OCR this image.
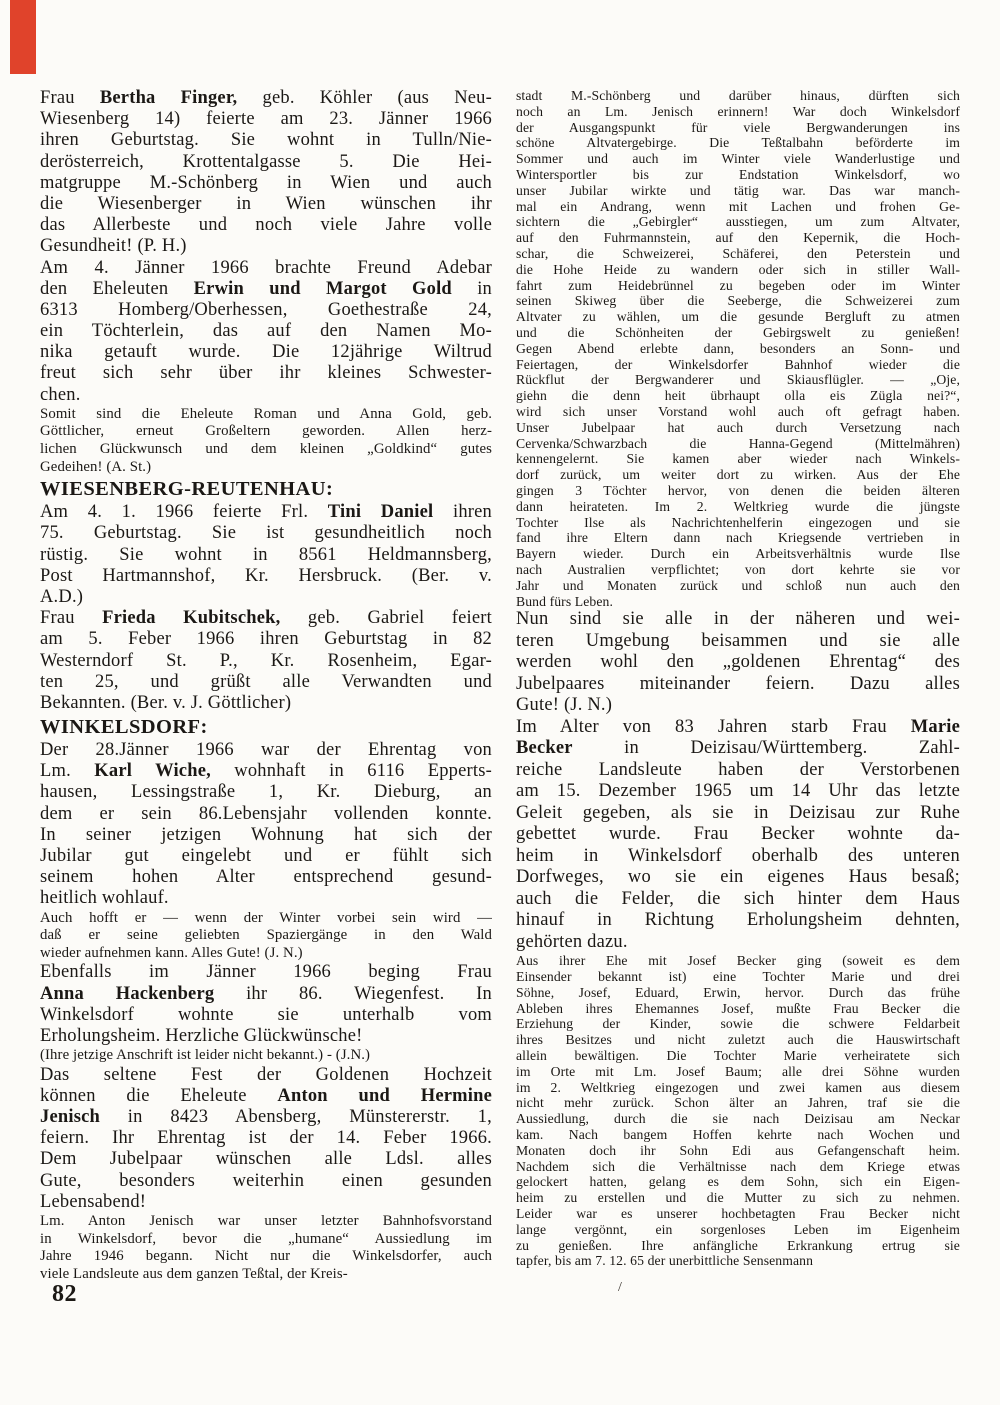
Frau Bertha Finger, geb. Köhler (aus Neu-
Wiesenberg 14) feierte am 23. Jänner 1966
ihren Geburtstag. Sie wohnt in Tulln/Nie-
derösterreich, Krottentalgasse 5. Die Hei-
matgruppe M.-Schönberg in Wien und auch
die Wiesenberger in Wien wünschen ihr
das Allerbeste und noch viele Jahre volle
Gesundheit! (P. H.)
Am 4. Jänner 1966 brachte Freund Adebar
den Eheleuten Erwin und Margot Gold in
6313 Homberg/Oberhessen, Goethestraße 24,
ein Töchterlein, das auf den Namen Mo-
nika getauft wurde. Die 12jährige Wiltrud
freut sich sehr über ihr kleines Schwester-
chen.
Somit sind die Eheleute Roman und Anna Gold, geb.
Göttlicher, erneut Großeltern geworden. Allen herz-
lichen Glückwunsch und dem kleinen „Goldkind“ gutes
Gedeihen! (A. St.)
WIESENBERG-REUTENHAU:
Am 4. 1. 1966 feierte Frl. Tini Daniel ihren
75. Geburtstag. Sie ist gesundheitlich noch
rüstig. Sie wohnt in 8561 Heldmannsberg,
Post Hartmannshof, Kr. Hersbruck. (Ber. v.
A.D.)
Frau Frieda Kubitschek, geb. Gabriel feiert
am 5. Feber 1966 ihren Geburtstag in 82
Westerndorf St. P., Kr. Rosenheim, Egar-
ten 25, und grüßt alle Verwandten und
Bekannten. (Ber. v. J. Göttlicher)
WINKELSDORF:
Der 28.Jänner 1966 war der Ehrentag von
Lm. Karl Wiche, wohnhaft in 6116 Epperts-
hausen, Lessingstraße 1, Kr. Dieburg, an
dem er sein 86.Lebensjahr vollenden konnte.
In seiner jetzigen Wohnung hat sich der
Jubilar gut eingelebt und er fühlt sich
seinem hohen Alter entsprechend gesund-
heitlich wohlauf.
Auch hofft er — wenn der Winter vorbei sein wird —
daß er seine geliebten Spaziergänge in den Wald
wieder aufnehmen kann. Alles Gute! (J. N.)
Ebenfalls im Jänner 1966 beging Frau
Anna Hackenberg ihr 86. Wiegenfest. In
Winkelsdorf wohnte sie unterhalb vom
Erholungsheim. Herzliche Glückwünsche!
(Ihre jetzige Anschrift ist leider nicht bekannt.) - (J.N.)
Das seltene Fest der Goldenen Hochzeit
können die Eheleute Anton und Hermine
Jenisch in 8423 Abensberg, Münstererstr. 1,
feiern. Ihr Ehrentag ist der 14. Feber 1966.
Dem Jubelpaar wünschen alle Ldsl. alles
Gute, besonders weiterhin einen gesunden
Lebensabend!
Lm. Anton Jenisch war unser letzter Bahnhofsvorstand
in Winkelsdorf, bevor die „humane“ Aussiedlung im
Jahre 1946 begann. Nicht nur die Winkelsdorfer, auch
viele Landsleute aus dem ganzen Teßtal, der Kreis-
stadt M.-Schönberg und darüber hinaus, dürften sich
noch an Lm. Jenisch erinnern! War doch Winkelsdorf
der Ausgangspunkt für viele Bergwanderungen ins
schöne Altvatergebirge. Die Teßtalbahn beförderte im
Sommer und auch im Winter viele Wanderlustige und
Wintersportler bis zur Endstation Winkelsdorf, wo
unser Jubilar wirkte und tätig war. Das war manch-
mal ein Andrang, wenn mit Lachen und frohen Ge-
sichtern die „Gebirgler“ ausstiegen, um zum Altvater,
auf den Fuhrmannstein, auf den Kepernik, die Hoch-
schar, die Schweizerei, Schäferei, den Peterstein und
die Hohe Heide zu wandern oder sich in stiller Wall-
fahrt zum Heidebrünnel zu begeben oder im Winter
seinen Skiweg über die Seeberge, die Schweizerei zum
Altvater zu wählen, um die gesunde Bergluft zu atmen
und die Schönheiten der Gebirgswelt zu genießen!
Gegen Abend erlebte dann, besonders an Sonn- und
Feiertagen, der Winkelsdorfer Bahnhof wieder die
Rückflut der Bergwanderer und Skiausflügler. — „Oje,
giehn die denn heit übrhaupt olla eis Zügla nei?“,
wird sich unser Vorstand wohl auch oft gefragt haben.
Unser Jubelpaar hat auch durch Versetzung nach
Cervenka/Schwarzbach die Hanna-Gegend (Mittelmähren)
kennengelernt. Sie kamen aber wieder nach Winkels-
dorf zurück, um weiter dort zu wirken. Aus der Ehe
gingen 3 Töchter hervor, von denen die beiden älteren
dann heirateten. Im 2. Weltkrieg wurde die jüngste
Tochter Ilse als Nachrichtenhelferin eingezogen und sie
fand ihre Eltern dann nach Kriegsende vertrieben in
Bayern wieder. Durch ein Arbeitsverhältnis wurde Ilse
nach Australien verpflichtet; von dort kehrte sie vor
Jahr und Monaten zurück und schloß nun auch den
Bund fürs Leben.
Nun sind sie alle in der näheren und wei-
teren Umgebung beisammen und sie alle
werden wohl den „goldenen Ehrentag“ des
Jubelpaares miteinander feiern. Dazu alles
Gute! (J. N.)
Im Alter von 83 Jahren starb Frau Marie
Becker in Deizisau/Württemberg. Zahl-
reiche Landsleute haben der Verstorbenen
am 15. Dezember 1965 um 14 Uhr das letzte
Geleit gegeben, als sie in Deizisau zur Ruhe
gebettet wurde. Frau Becker wohnte da-
heim in Winkelsdorf oberhalb des unteren
Dorfweges, wo sie ein eigenes Haus besaß;
auch die Felder, die sich hinter dem Haus
hinauf in Richtung Erholungsheim dehnten,
gehörten dazu.
Aus ihrer Ehe mit Josef Becker ging (soweit es dem
Einsender bekannt ist) eine Tochter Marie und drei
Söhne, Josef, Eduard, Erwin, hervor. Durch das frühe
Ableben ihres Ehemannes Josef, mußte Frau Becker die
Erziehung der Kinder, sowie die schwere Feldarbeit
ihres Besitzes und nicht zuletzt auch die Hauswirtschaft
allein bewältigen. Die Tochter Marie verheiratete sich
im Orte mit Lm. Josef Baum; alle drei Söhne wurden
im 2. Weltkrieg eingezogen und zwei kamen aus diesem
nicht mehr zurück. Schon älter an Jahren, traf sie die
Aussiedlung, durch die sie nach Deizisau am Neckar
kam. Nach bangem Hoffen kehrte nach Wochen und
Monaten doch ihr Sohn Edi aus Gefangenschaft heim.
Nachdem sich die Verhältnisse nach dem Kriege etwas
gelockert hatten, gelang es dem Sohn, sich ein Eigen-
heim zu erstellen und die Mutter zu sich zu nehmen.
Leider war es unserer hochbetagten Frau Becker nicht
lange vergönnt, ein sorgenloses Leben im Eigenheim
zu genießen. Ihre anfängliche Erkrankung ertrug sie
tapfer, bis am 7. 12. 65 der unerbittliche Sensenmann
82	/
